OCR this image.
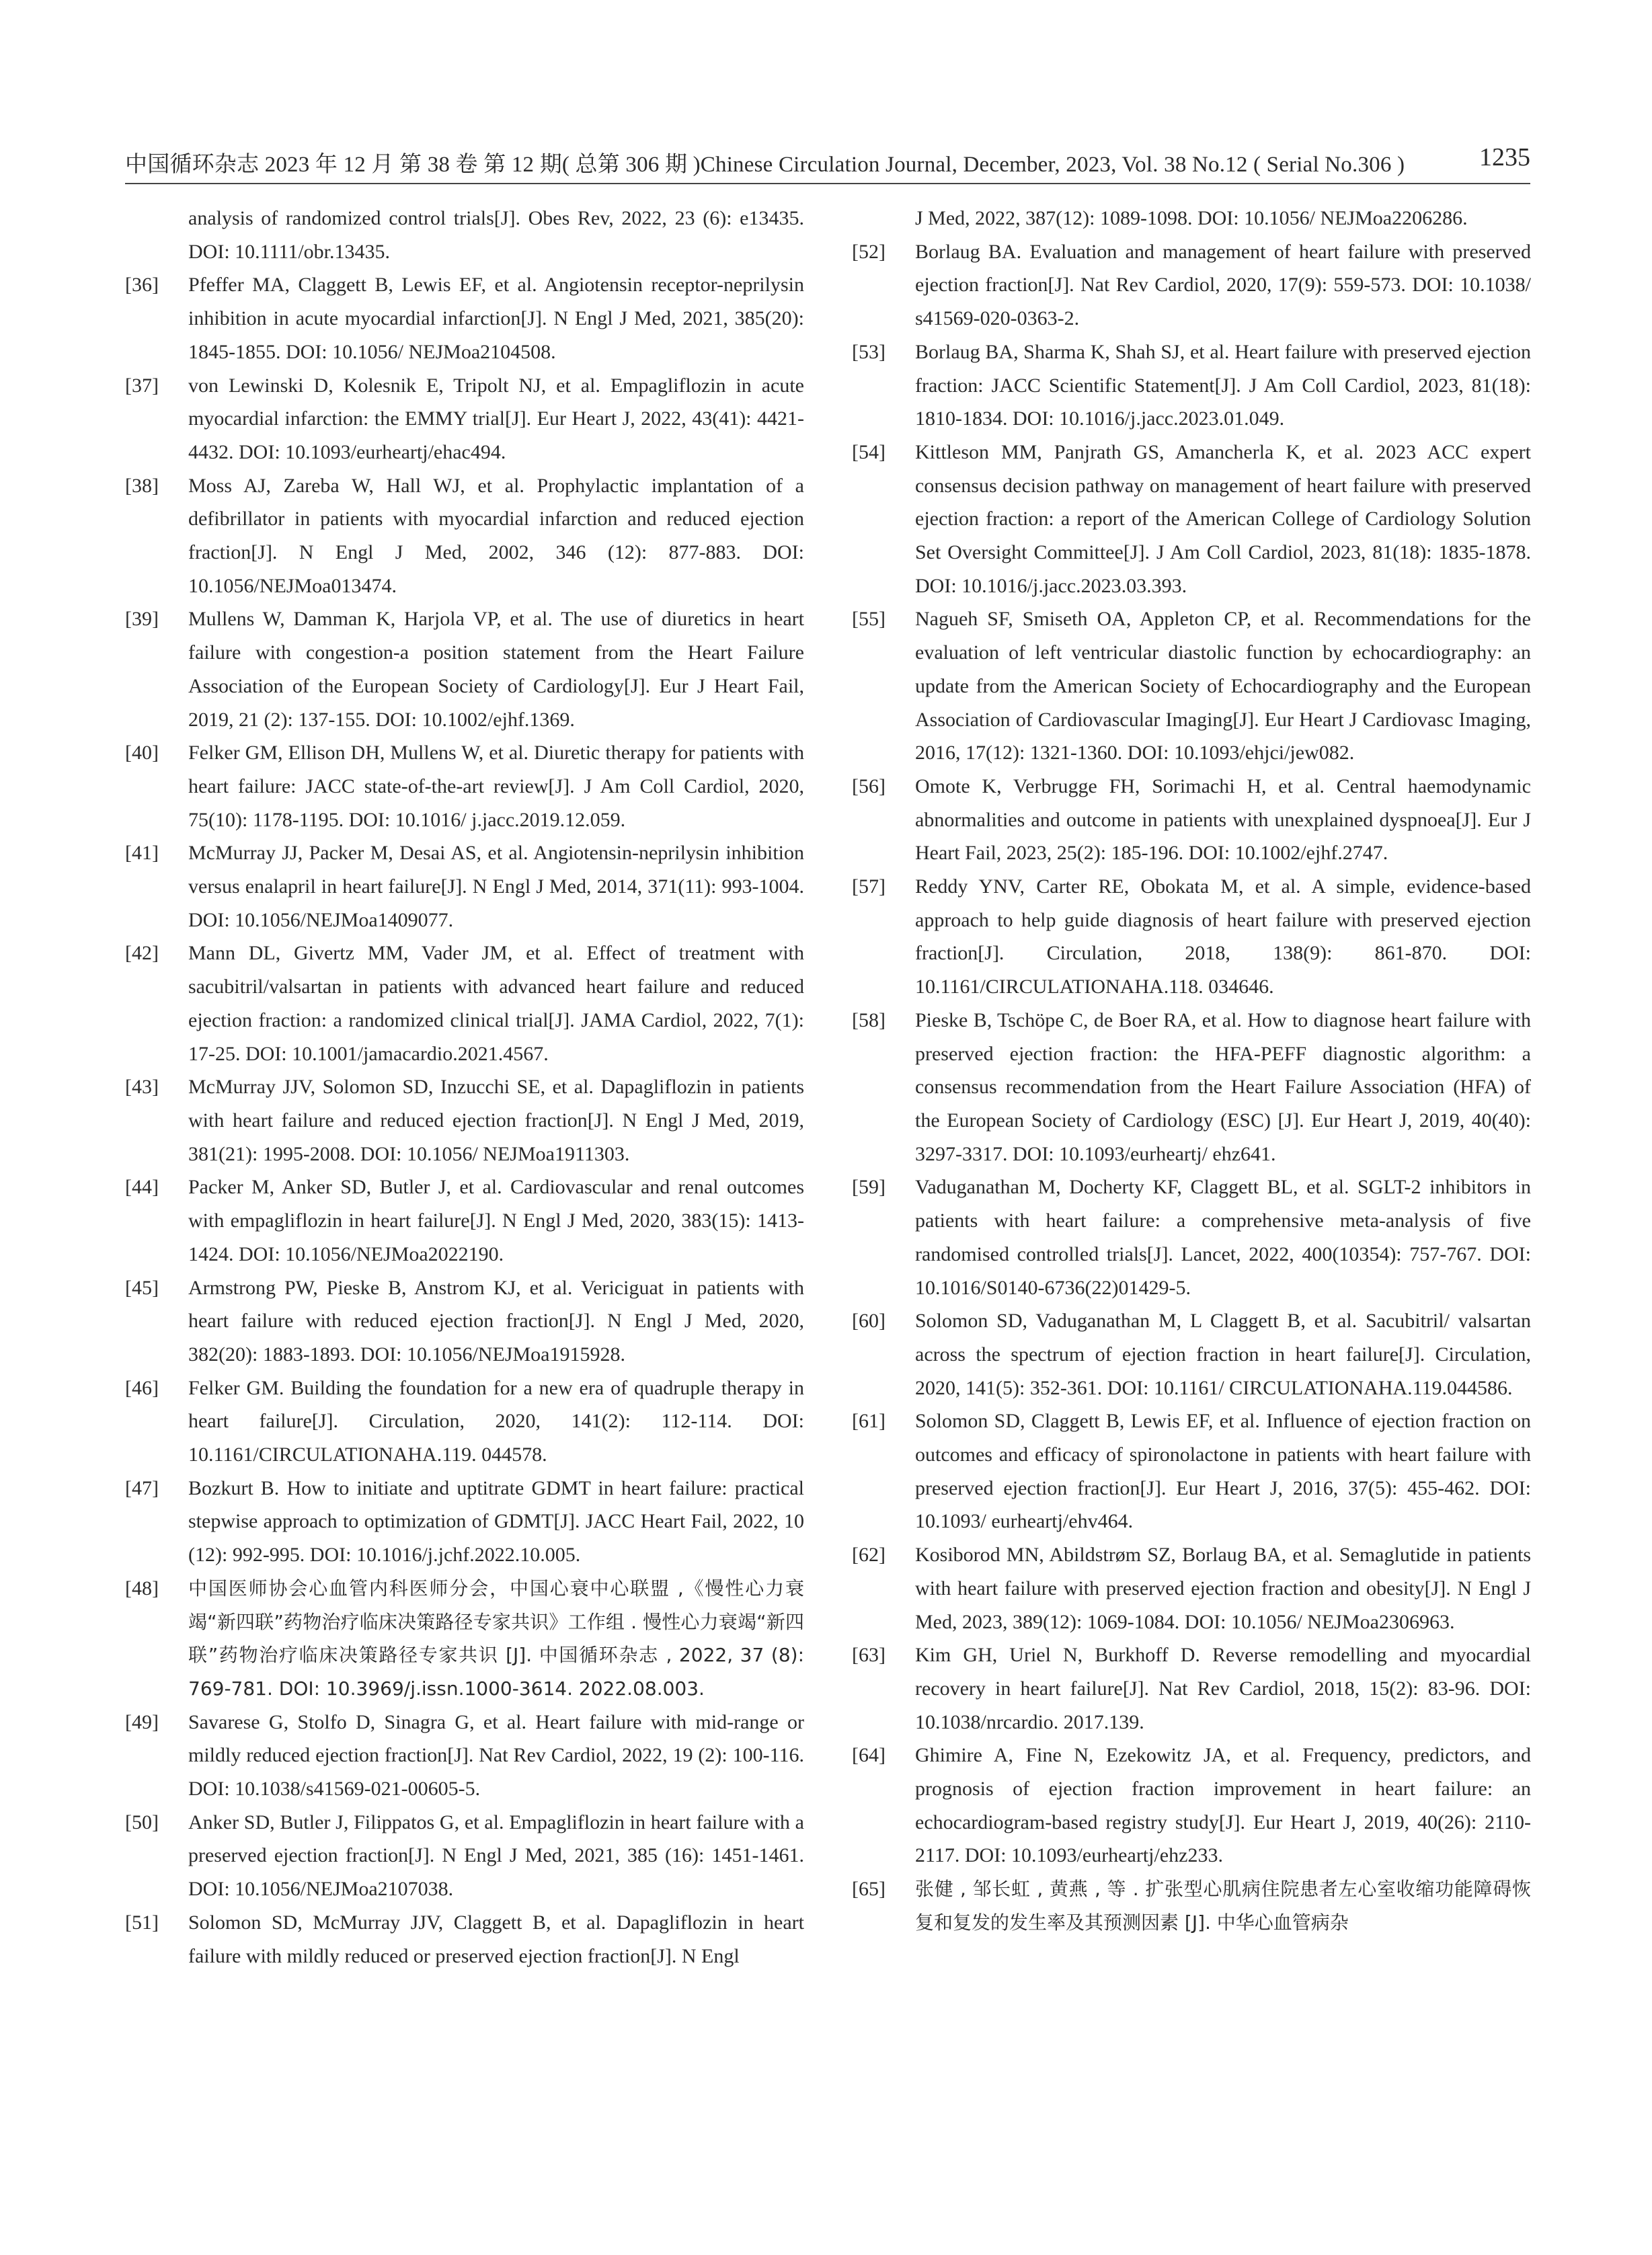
中国循环杂志 2023 年 12 月 第 38 卷 第 12 期( 总第 306 期 )Chinese Circulation Journal, December, 2023, Vol. 38 No.12 ( Serial No.306 )	1235
analysis of randomized control trials[J]. Obes Rev, 2022, 23 (6): e13435. DOI: 10.1111/obr.13435.
[36]	Pfeffer MA, Claggett B, Lewis EF, et al. Angiotensin receptor-neprilysin inhibition in acute myocardial infarction[J]. N Engl J Med, 2021, 385(20): 1845-1855. DOI: 10.1056/ NEJMoa2104508.
[37]	von Lewinski D, Kolesnik E, Tripolt NJ, et al. Empagliflozin in acute myocardial infarction: the EMMY trial[J]. Eur Heart J, 2022, 43(41): 4421-4432. DOI: 10.1093/eurheartj/ehac494.
[38]	Moss AJ, Zareba W, Hall WJ, et al. Prophylactic implantation of a defibrillator in patients with myocardial infarction and reduced ejection fraction[J]. N Engl J Med, 2002, 346 (12): 877-883. DOI: 10.1056/NEJMoa013474.
[39]	Mullens W, Damman K, Harjola VP, et al. The use of diuretics in heart failure with congestion-a position statement from the Heart Failure Association of the European Society of Cardiology[J]. Eur J Heart Fail, 2019, 21 (2): 137-155. DOI: 10.1002/ejhf.1369.
[40]	Felker GM, Ellison DH, Mullens W, et al. Diuretic therapy for patients with heart failure: JACC state-of-the-art review[J]. J Am Coll Cardiol, 2020, 75(10): 1178-1195. DOI: 10.1016/ j.jacc.2019.12.059.
[41]	McMurray JJ, Packer M, Desai AS, et al. Angiotensin-neprilysin inhibition versus enalapril in heart failure[J]. N Engl J Med, 2014, 371(11): 993-1004. DOI: 10.1056/NEJMoa1409077.
[42]	Mann DL, Givertz MM, Vader JM, et al. Effect of treatment with sacubitril/valsartan in patients with advanced heart failure and reduced ejection fraction: a randomized clinical trial[J]. JAMA Cardiol, 2022, 7(1): 17-25. DOI: 10.1001/jamacardio.2021.4567.
[43]	McMurray JJV, Solomon SD, Inzucchi SE, et al. Dapagliflozin in patients with heart failure and reduced ejection fraction[J]. N Engl J Med, 2019, 381(21): 1995-2008. DOI: 10.1056/ NEJMoa1911303.
[44]	Packer M, Anker SD, Butler J, et al. Cardiovascular and renal outcomes with empagliflozin in heart failure[J]. N Engl J Med, 2020, 383(15): 1413-1424. DOI: 10.1056/NEJMoa2022190.
[45]	Armstrong PW, Pieske B, Anstrom KJ, et al. Vericiguat in patients with heart failure with reduced ejection fraction[J]. N Engl J Med, 2020, 382(20): 1883-1893. DOI: 10.1056/NEJMoa1915928.
[46]	Felker GM. Building the foundation for a new era of quadruple therapy in heart failure[J]. Circulation, 2020, 141(2): 112-114. DOI: 10.1161/CIRCULATIONAHA.119. 044578.
[47]	Bozkurt B. How to initiate and uptitrate GDMT in heart failure: practical stepwise approach to optimization of GDMT[J]. JACC Heart Fail, 2022, 10 (12): 992-995. DOI: 10.1016/j.jchf.2022.10.005.
[48]	中国医师协会心血管内科医师分会，中国心衰中心联盟 ,《慢性心力衰竭“新四联”药物治疗临床决策路径专家共识》工作组 . 慢性心力衰竭“新四联”药物治疗临床决策路径专家共识 [J]. 中国循环杂志 , 2022, 37 (8): 769-781. DOI: 10.3969/j.issn.1000-3614. 2022.08.003.
[49]	Savarese G, Stolfo D, Sinagra G, et al. Heart failure with mid-range or mildly reduced ejection fraction[J]. Nat Rev Cardiol, 2022, 19 (2): 100-116. DOI: 10.1038/s41569-021-00605-5.
[50]	Anker SD, Butler J, Filippatos G, et al. Empagliflozin in heart failure with a preserved ejection fraction[J]. N Engl J Med, 2021, 385 (16): 1451-1461. DOI: 10.1056/NEJMoa2107038.
[51]	Solomon SD, McMurray JJV, Claggett B, et al. Dapagliflozin in heart failure with mildly reduced or preserved ejection fraction[J]. N Engl
J Med, 2022, 387(12): 1089-1098. DOI: 10.1056/ NEJMoa2206286.
[52]	Borlaug BA. Evaluation and management of heart failure with preserved ejection fraction[J]. Nat Rev Cardiol, 2020, 17(9): 559-573. DOI: 10.1038/ s41569-020-0363-2.
[53]	Borlaug BA, Sharma K, Shah SJ, et al. Heart failure with preserved ejection fraction: JACC Scientific Statement[J]. J Am Coll Cardiol, 2023, 81(18): 1810-1834. DOI: 10.1016/j.jacc.2023.01.049.
[54]	Kittleson MM, Panjrath GS, Amancherla K, et al. 2023 ACC expert consensus decision pathway on management of heart failure with preserved ejection fraction: a report of the American College of Cardiology Solution Set Oversight Committee[J]. J Am Coll Cardiol, 2023, 81(18): 1835-1878. DOI: 10.1016/j.jacc.2023.03.393.
[55]	Nagueh SF, Smiseth OA, Appleton CP, et al. Recommendations for the evaluation of left ventricular diastolic function by echocardiography: an update from the American Society of Echocardiography and the European Association of Cardiovascular Imaging[J]. Eur Heart J Cardiovasc Imaging, 2016, 17(12): 1321-1360. DOI: 10.1093/ehjci/jew082.
[56]	Omote K, Verbrugge FH, Sorimachi H, et al. Central haemodynamic abnormalities and outcome in patients with unexplained dyspnoea[J]. Eur J Heart Fail, 2023, 25(2): 185-196. DOI: 10.1002/ejhf.2747.
[57]	Reddy YNV, Carter RE, Obokata M, et al. A simple, evidence-based approach to help guide diagnosis of heart failure with preserved ejection fraction[J]. Circulation, 2018, 138(9): 861-870. DOI: 10.1161/CIRCULATIONAHA.118. 034646.
[58]	Pieske B, Tschöpe C, de Boer RA, et al. How to diagnose heart failure with preserved ejection fraction: the HFA-PEFF diagnostic algorithm: a consensus recommendation from the Heart Failure Association (HFA) of the European Society of Cardiology (ESC) [J]. Eur Heart J, 2019, 40(40): 3297-3317. DOI: 10.1093/eurheartj/ ehz641.
[59]	Vaduganathan M, Docherty KF, Claggett BL, et al. SGLT-2 inhibitors in patients with heart failure: a comprehensive meta-analysis of five randomised controlled trials[J]. Lancet, 2022, 400(10354): 757-767. DOI: 10.1016/S0140-6736(22)01429-5.
[60]	Solomon SD, Vaduganathan M, L Claggett B, et al. Sacubitril/ valsartan across the spectrum of ejection fraction in heart failure[J]. Circulation, 2020, 141(5): 352-361. DOI: 10.1161/ CIRCULATIONAHA.119.044586.
[61]	Solomon SD, Claggett B, Lewis EF, et al. Influence of ejection fraction on outcomes and efficacy of spironolactone in patients with heart failure with preserved ejection fraction[J]. Eur Heart J, 2016, 37(5): 455-462. DOI: 10.1093/ eurheartj/ehv464.
[62]	Kosiborod MN, Abildstrøm SZ, Borlaug BA, et al. Semaglutide in patients with heart failure with preserved ejection fraction and obesity[J]. N Engl J Med, 2023, 389(12): 1069-1084. DOI: 10.1056/ NEJMoa2306963.
[63]	Kim GH, Uriel N, Burkhoff D. Reverse remodelling and myocardial recovery in heart failure[J]. Nat Rev Cardiol, 2018, 15(2): 83-96. DOI: 10.1038/nrcardio. 2017.139.
[64]	Ghimire A, Fine N, Ezekowitz JA, et al. Frequency, predictors, and prognosis of ejection fraction improvement in heart failure: an echocardiogram-based registry study[J]. Eur Heart J, 2019, 40(26): 2110-2117. DOI: 10.1093/eurheartj/ehz233.
[65]	张健 , 邹长虹 , 黄燕 , 等 . 扩张型心肌病住院患者左心室收缩功能障碍恢复和复发的发生率及其预测因素 [J]. 中华心血管病杂
